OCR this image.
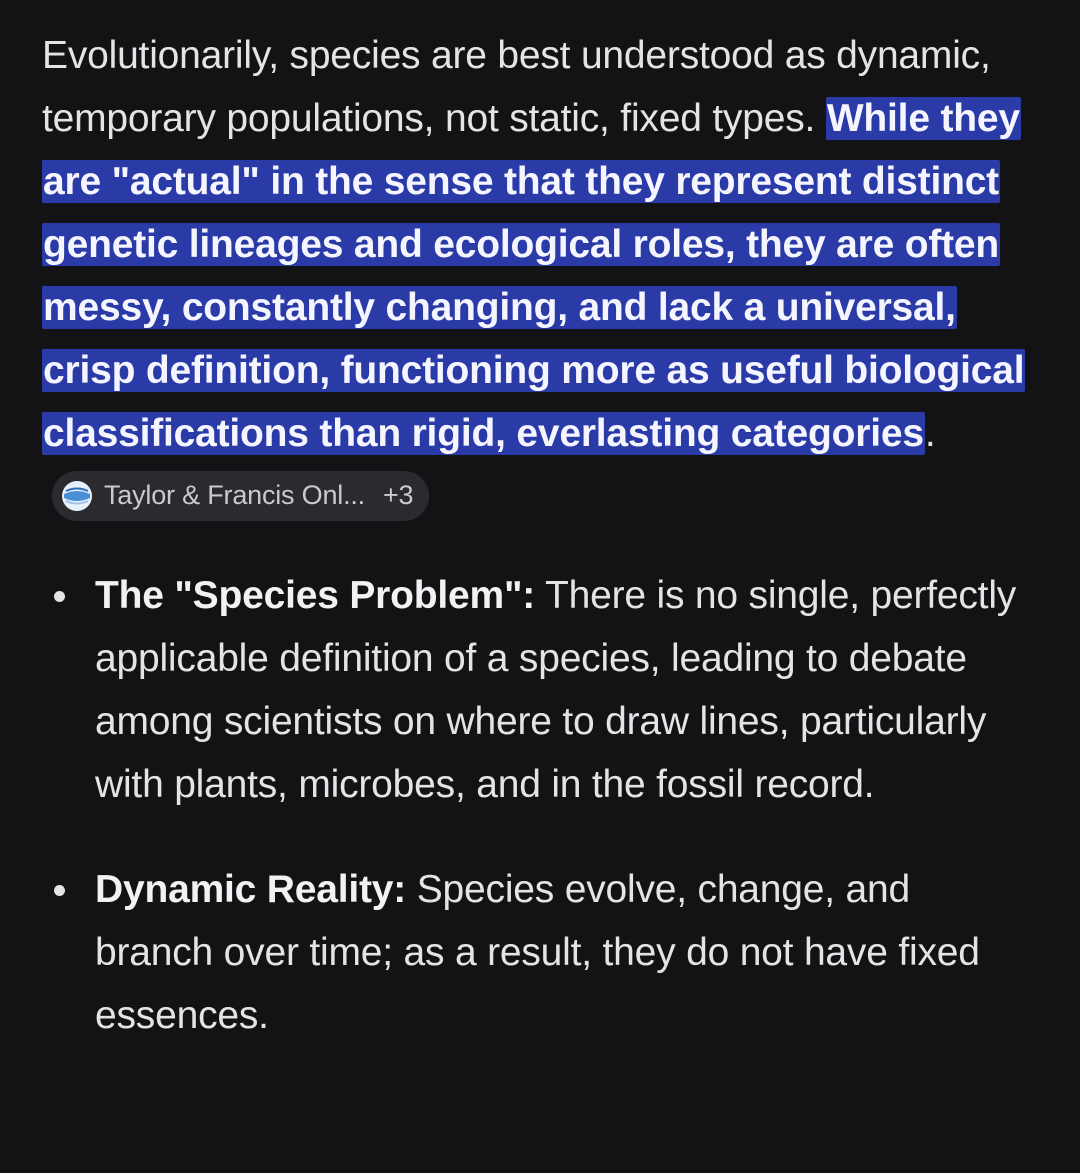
Evolutionarily, species are best understood as dynamic, temporary populations, not static, fixed types. While they are "actual" in the sense that they represent distinct genetic lineages and ecological roles, they are often messy, constantly changing, and lack a universal, crisp definition, functioning more as useful biological classifications than rigid, everlasting categories.
Taylor & Francis Onl... +3

The "Species Problem": There is no single, perfectly applicable definition of a species, leading to debate among scientists on where to draw lines, particularly with plants, microbes, and in the fossil record.
Dynamic Reality: Species evolve, change, and branch over time; as a result, they do not have fixed essences.
